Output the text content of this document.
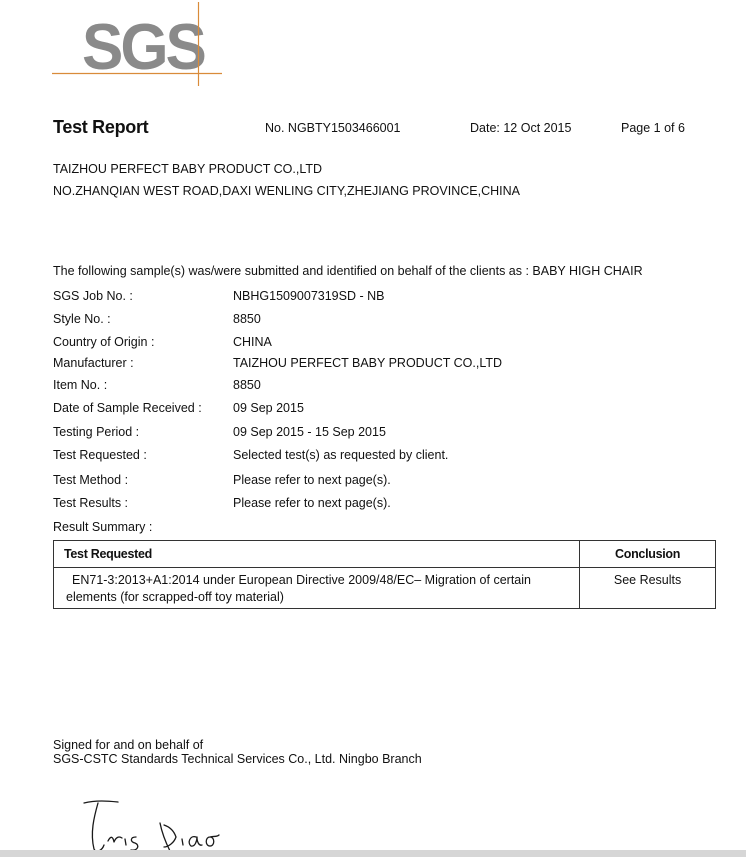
SGS
Test Report	No. NGBTY1503466001	Date: 12 Oct 2015	Page 1 of 6
TAIZHOU PERFECT BABY PRODUCT CO.,LTD
NO.ZHANQIAN WEST ROAD,DAXI WENLING CITY,ZHEJIANG PROVINCE,CHINA
The following sample(s) was/were submitted and identified on behalf of the clients as : BABY HIGH CHAIR
SGS Job No. :	NBHG1509007319SD - NB
Style No. :	8850
Country of Origin :	CHINA
Manufacturer :	TAIZHOU PERFECT BABY PRODUCT CO.,LTD
Item No. :	8850
Date of Sample Received :	09 Sep 2015
Testing Period :	09 Sep 2015 - 15 Sep 2015
Test Requested :	Selected test(s) as requested by client.
Test Method :	Please refer to next page(s).
Test Results :	Please refer to next page(s).
Result Summary :
Test Requested	Conclusion

EN71-3:2013+A1:2014 under European Directive 2009/48/EC– Migration of certain
elements (for scrapped-off toy material)	See Results
Signed for and on behalf of
SGS-CSTC Standards Technical Services Co., Ltd. Ningbo Branch
